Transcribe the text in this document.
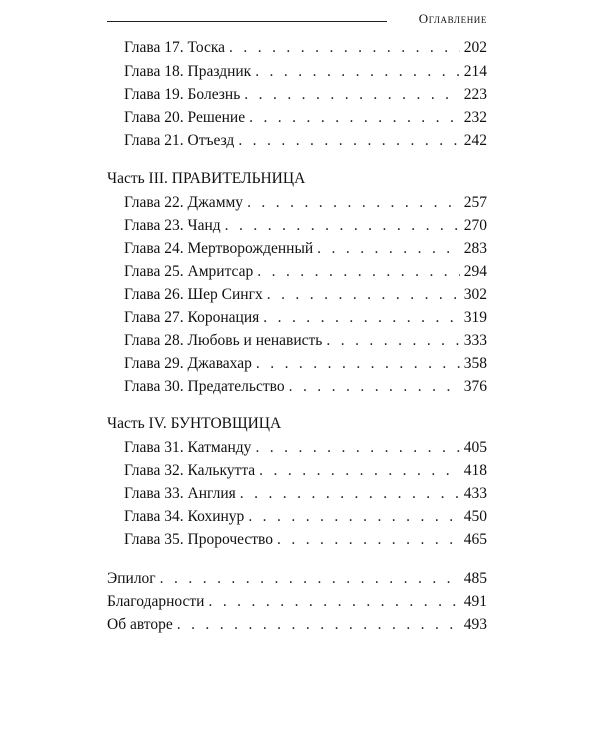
Оглавление
Глава 17. Тоска . . .	202
Глава 18. Праздник . . .	214
Глава 19. Болезнь . . .	223
Глава 20. Решение . . .	232
Глава 21. Отъезд . . .	242
Часть III. ПРАВИТЕЛЬНИЦА
Глава 22. Джамму . . .	257
Глава 23. Чанд . . .	270
Глава 24. Мертворожденный . . .	283
Глава 25. Амритсар . . .	294
Глава 26. Шер Сингх . . .	302
Глава 27. Коронация . . .	319
Глава 28. Любовь и ненависть . . .	333
Глава 29. Джавахар . . .	358
Глава 30. Предательство . . .	376
Часть IV. БУНТОВЩИЦА
Глава 31. Катманду . . .	405
Глава 32. Калькутта . . .	418
Глава 33. Англия . . .	433
Глава 34. Кохинур . . .	450
Глава 35. Пророчество . . .	465
Эпилог . . .	485
Благодарности . . .	491
Об авторе . . .	493
